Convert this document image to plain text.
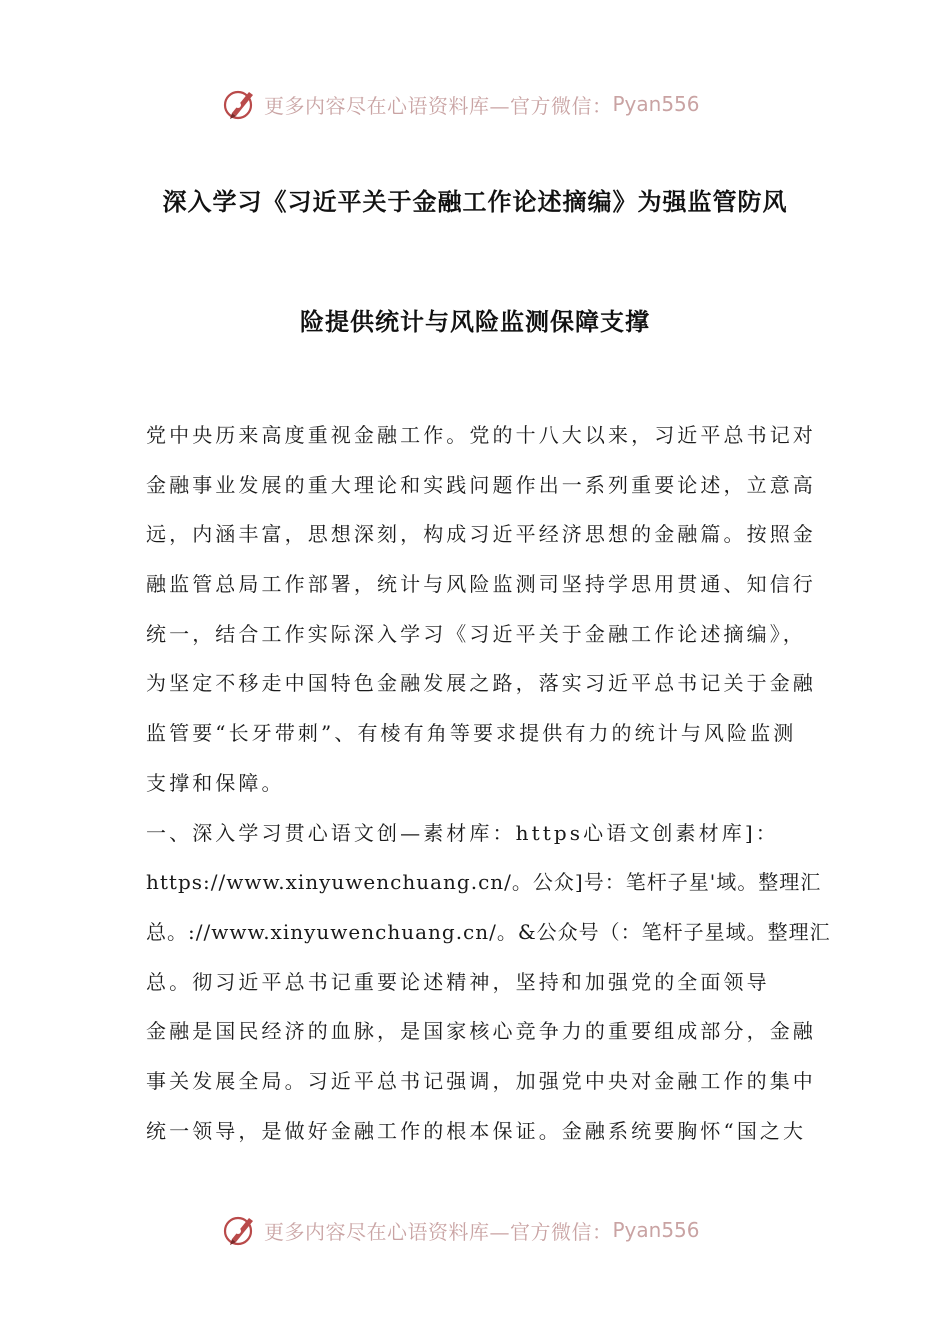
更多内容尽在心语资料库—官方微信： Pyan556
深入学习《习近平关于金融工作论述摘编》为强监管防风
险提供统计与风险监测保障支撑
党中央历来高度重视金融工作。党的十八大以来，习近平总书记对
金融事业发展的重大理论和实践问题作出一系列重要论述，立意高
远，内涵丰富，思想深刻，构成习近平经济思想的金融篇。按照金
融监管总局工作部署，统计与风险监测司坚持学思用贯通、知信行
统一，结合工作实际深入学习《习近平关于金融工作论述摘编》，
为坚定不移走中国特色金融发展之路，落实习近平总书记关于金融
监管要“长牙带刺”、有棱有角等要求提供有力的统计与风险监测
支撑和保障。
一、深入学习贯心语文创—素材库：https心语文创素材库]：
https://www.xinyuwenchuang.cn/。公众]号：笔杆子星'域。整理汇
总。://www.xinyuwenchuang.cn/。&公众号（：笔杆子星域。整理汇
总。彻习近平总书记重要论述精神，坚持和加强党的全面领导
金融是国民经济的血脉，是国家核心竞争力的重要组成部分，金融
事关发展全局。习近平总书记强调，加强党中央对金融工作的集中
统一领导，是做好金融工作的根本保证。金融系统要胸怀“国之大
更多内容尽在心语资料库—官方微信： Pyan556
